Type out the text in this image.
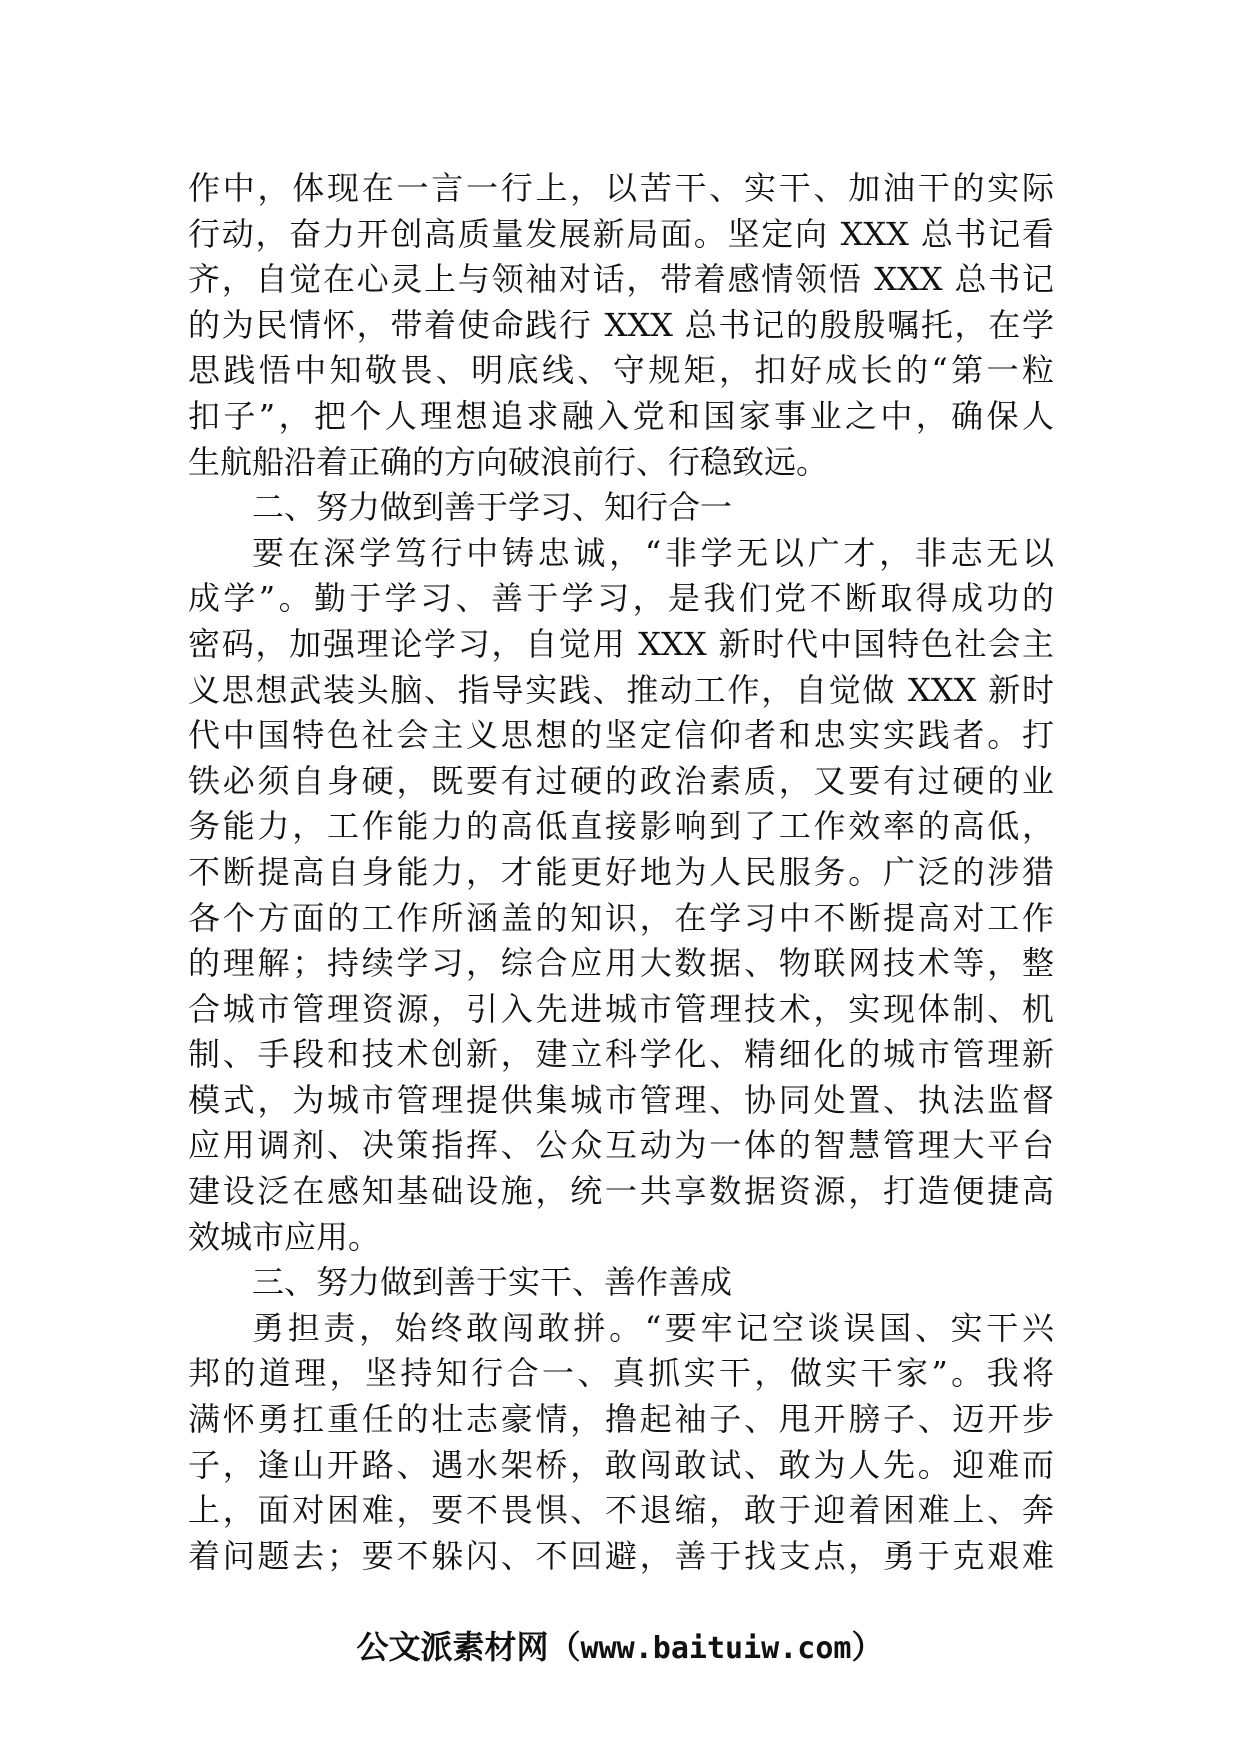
作中，体现在一言一行上，以苦干、实干、加油干的实际
行动，奋力开创高质量发展新局面。坚定向 XXX 总书记看
齐，自觉在心灵上与领袖对话，带着感情领悟 XXX 总书记
的为民情怀，带着使命践行 XXX 总书记的殷殷嘱托，在学
思践悟中知敬畏、明底线、守规矩，扣好成长的“第一粒
扣子”，把个人理想追求融入党和国家事业之中，确保人
生航船沿着正确的方向破浪前行、行稳致远。
二、努力做到善于学习、知行合一
要在深学笃行中铸忠诚，“非学无以广才，非志无以
成学”。勤于学习、善于学习，是我们党不断取得成功的
密码，加强理论学习，自觉用 XXX 新时代中国特色社会主
义思想武装头脑、指导实践、推动工作，自觉做 XXX 新时
代中国特色社会主义思想的坚定信仰者和忠实实践者。打
铁必须自身硬，既要有过硬的政治素质，又要有过硬的业
务能力，工作能力的高低直接影响到了工作效率的高低，
不断提高自身能力，才能更好地为人民服务。广泛的涉猎
各个方面的工作所涵盖的知识，在学习中不断提高对工作
的理解；持续学习，综合应用大数据、物联网技术等，整
合城市管理资源，引入先进城市管理技术，实现体制、机
制、手段和技术创新，建立科学化、精细化的城市管理新
模式，为城市管理提供集城市管理、协同处置、执法监督
应用调剂、决策指挥、公众互动为一体的智慧管理大平台
建设泛在感知基础设施，统一共享数据资源，打造便捷高
效城市应用。
三、努力做到善于实干、善作善成
勇担责，始终敢闯敢拼。“要牢记空谈误国、实干兴
邦的道理，坚持知行合一、真抓实干，做实干家”。我将
满怀勇扛重任的壮志豪情，撸起袖子、甩开膀子、迈开步
子，逢山开路、遇水架桥，敢闯敢试、敢为人先。迎难而
上，面对困难，要不畏惧、不退缩，敢于迎着困难上、奔
着问题去；要不躲闪、不回避，善于找支点，勇于克艰难
公文派素材网（www.baituiw.com）
